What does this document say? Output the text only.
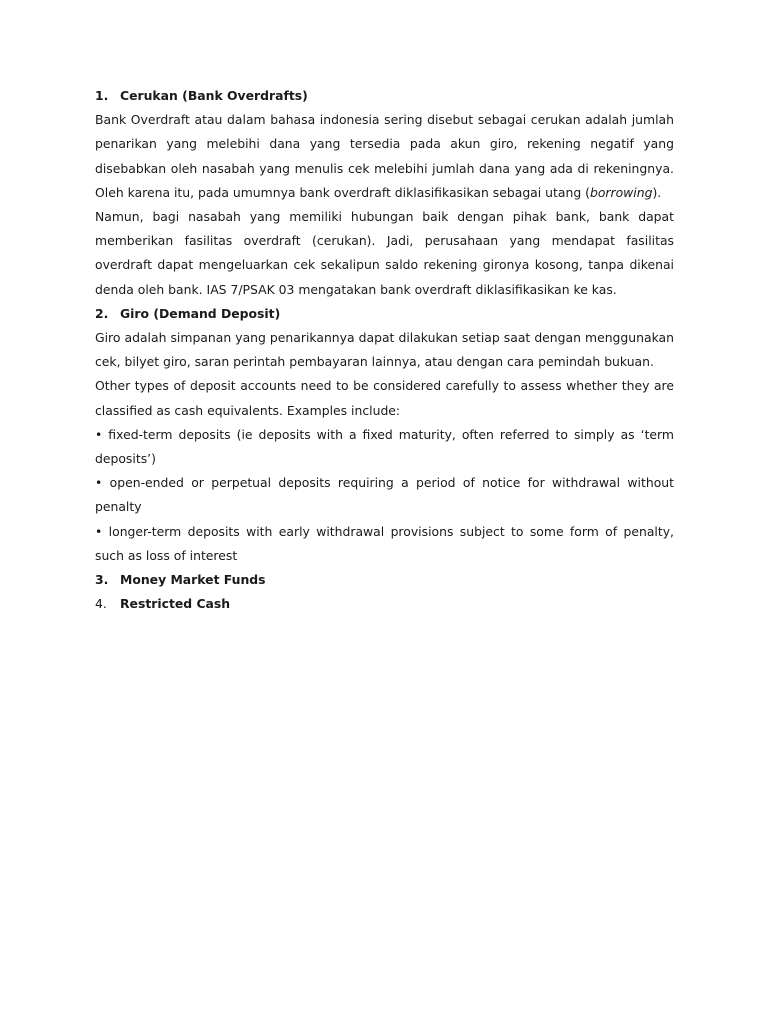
1. Cerukan (Bank Overdrafts)

Bank Overdraft atau dalam bahasa indonesia sering disebut sebagai cerukan adalah jumlah penarikan yang melebihi dana yang tersedia pada akun giro, rekening negatif yang disebabkan oleh nasabah yang menulis cek melebihi jumlah dana yang ada di rekeningnya. Oleh karena itu, pada umumnya bank overdraft diklasifikasikan sebagai utang (borrowing).

Namun, bagi nasabah yang memiliki hubungan baik dengan pihak bank, bank dapat memberikan fasilitas overdraft (cerukan). Jadi, perusahaan yang mendapat fasilitas overdraft dapat mengeluarkan cek sekalipun saldo rekening gironya kosong, tanpa dikenai denda oleh bank. IAS 7/PSAK 03 mengatakan bank overdraft diklasifikasikan ke kas.

2. Giro (Demand Deposit)

Giro adalah simpanan yang penarikannya dapat dilakukan setiap saat dengan menggunakan cek, bilyet giro, saran perintah pembayaran lainnya, atau dengan cara pemindah bukuan.

Other types of deposit accounts need to be considered carefully to assess whether they are classified as cash equivalents. Examples include:

• fixed-term deposits (ie deposits with a fixed maturity, often referred to simply as ‘term deposits’)

• open-ended or perpetual deposits requiring a period of notice for withdrawal without penalty

• longer-term deposits with early withdrawal provisions subject to some form of penalty, such as loss of interest

3. Money Market Funds
4. Restricted Cash
